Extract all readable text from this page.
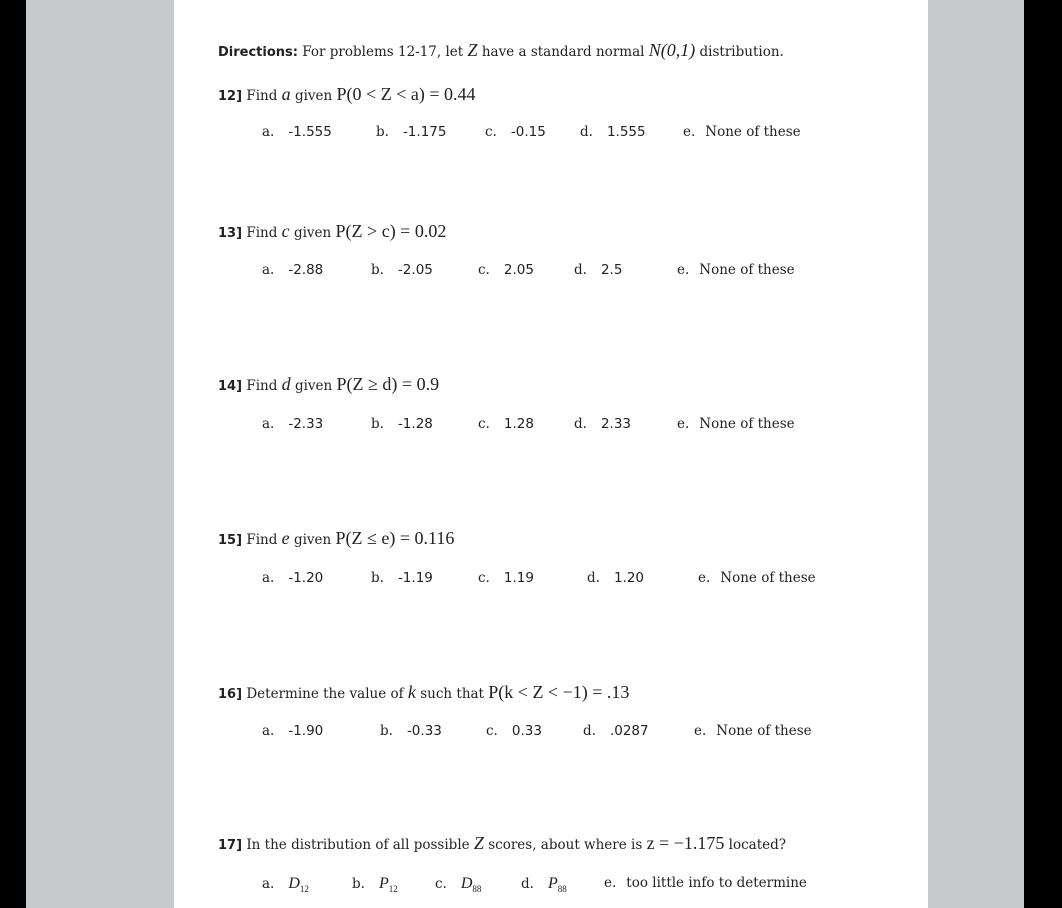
Directions: For problems 12-17, let Z have a standard normal N(0,1) distribution.
12] Find a given P(0 < Z < a) = 0.44
a. -1.555	b. -1.175	c. -0.15	d. 1.555	e. None of these
13] Find c given P(Z > c) = 0.02
a. -2.88	b. -2.05	c. 2.05	d. 2.5	e. None of these
14] Find d given P(Z ≥ d) = 0.9
a. -2.33	b. -1.28	c. 1.28	d. 2.33	e. None of these
15] Find e given P(Z ≤ e) = 0.116
a. -1.20	b. -1.19	c. 1.19	d. 1.20	e. None of these
16] Determine the value of k such that P(k < Z < −1) = .13
a. -1.90	b. -0.33	c. 0.33	d. .0287	e. None of these
17] In the distribution of all possible Z scores, about where is z = −1.175 located?
a. $D_{12}$	b. $P_{12}$	c. $D_{88}$	d. $P_{88}$	e. too little info to determine
